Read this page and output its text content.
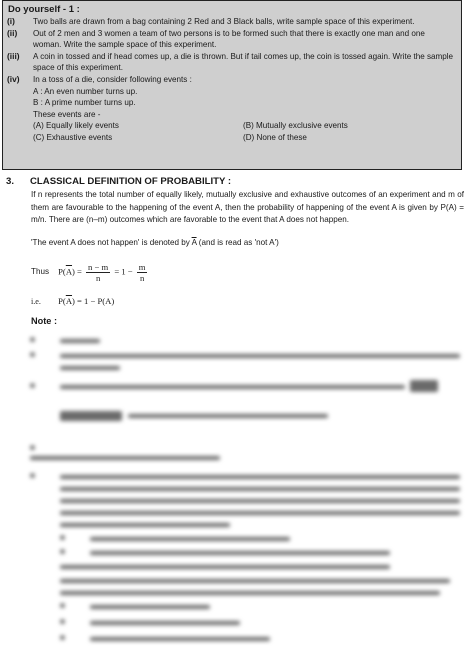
Do yourself - 1 :
(i) Two balls are drawn from a bag containing 2 Red and 3 Black balls, write sample space of this experiment.

(ii) Out of 2 men and 3 women a team of two persons is to be formed such that there is exactly one man and one woman. Write the sample space of this experiment.

(iii) A coin in tossed and if head comes up, a die is thrown. But if tail comes up, the coin is tossed again. Write the sample space of this experiment.

(iv) In a toss of a die, consider following events :

A : An even number turns up.

B : A prime number turns up.

These events are -

(A) Equally likely events	(B) Mutually exclusive events
(C) Exhaustive events	(D) None of these
3. CLASSICAL DEFINITION OF PROBABILITY :

If n represents the total number of equally likely, mutually exclusive and exhaustive outcomes of an experiment and m of them are favourable to the happening of the event A, then the probability of happening of the event A is given by P(A) = m/n. There are (n–m) outcomes which are favorable to the event that A does not happen.

'The event A does not happen' is denoted by $\overline{A}$ (and is read as 'not A')

Thus $P(\overline{A}) = \frac{n - m}{n} = 1 - \frac{m}{n}$
i.e. $P(\overline{A}) = 1 - P(A)$
Note :
■
■
■
■
■
■
■
■
■
■
